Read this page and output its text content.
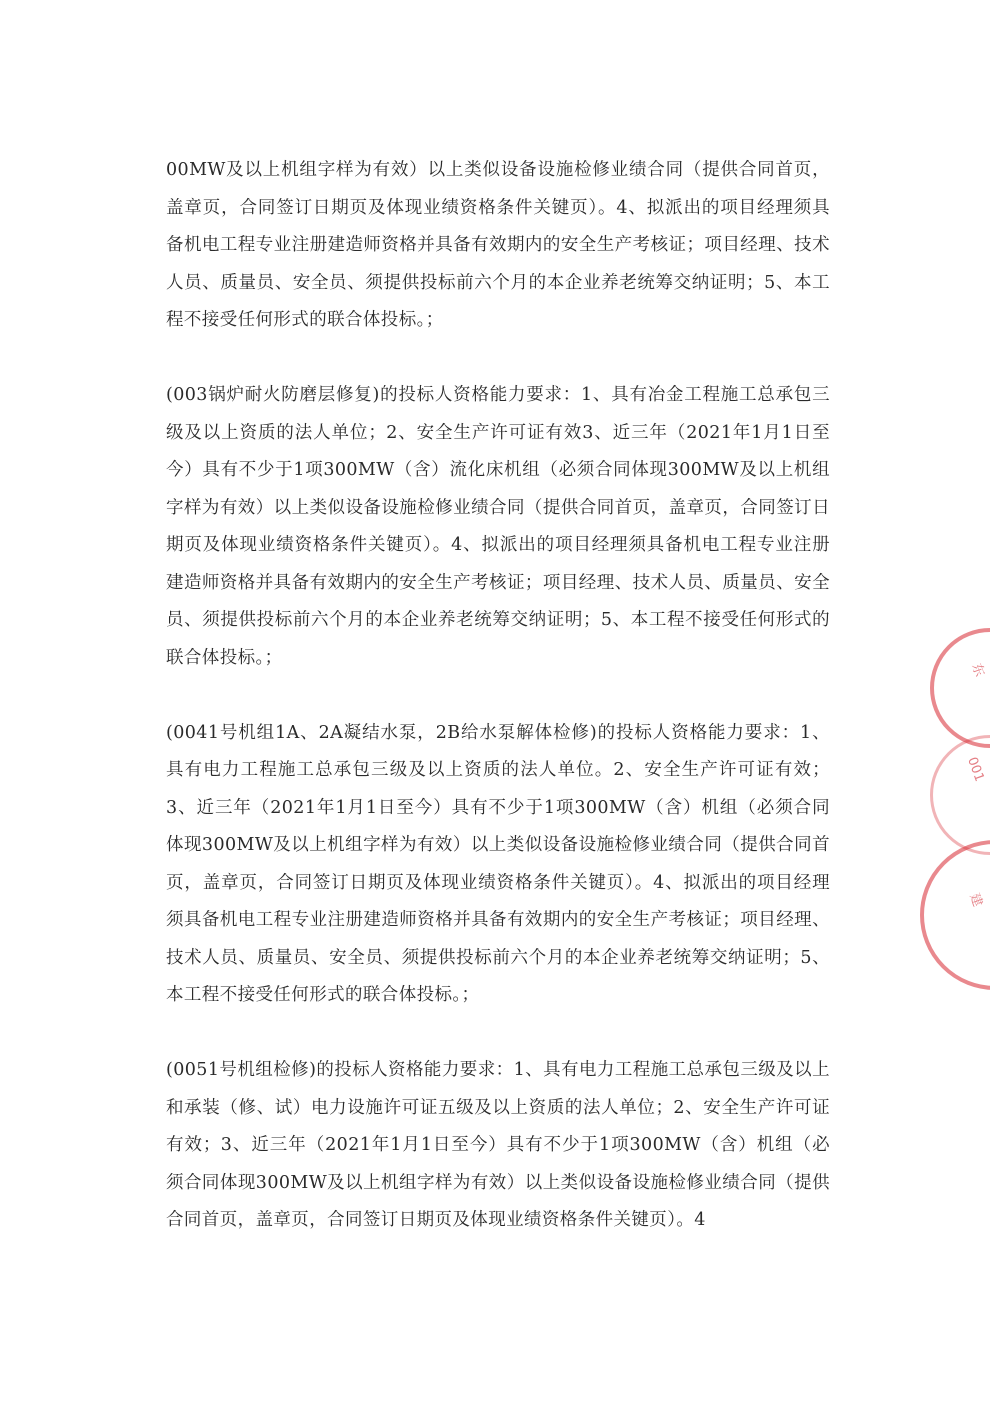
00MW及以上机组字样为有效）以上类似设备设施检修业绩合同（提供合同首页，盖章页，合同签订日期页及体现业绩资格条件关键页）。4、拟派出的项目经理须具备机电工程专业注册建造师资格并具备有效期内的安全生产考核证；项目经理、技术人员、质量员、安全员、须提供投标前六个月的本企业养老统筹交纳证明；5、本工程不接受任何形式的联合体投标。；

(003锅炉耐火防磨层修复)的投标人资格能力要求：1、具有冶金工程施工总承包三级及以上资质的法人单位；2、安全生产许可证有效3、近三年（2021年1月1日至今）具有不少于1项300MW（含）流化床机组（必须合同体现300MW及以上机组字样为有效）以上类似设备设施检修业绩合同（提供合同首页，盖章页，合同签订日期页及体现业绩资格条件关键页）。4、拟派出的项目经理须具备机电工程专业注册建造师资格并具备有效期内的安全生产考核证；项目经理、技术人员、质量员、安全员、须提供投标前六个月的本企业养老统筹交纳证明；5、本工程不接受任何形式的联合体投标。；

(0041号机组1A、2A凝结水泵，2B给水泵解体检修)的投标人资格能力要求：1、具有电力工程施工总承包三级及以上资质的法人单位。2、安全生产许可证有效；3、近三年（2021年1月1日至今）具有不少于1项300MW（含）机组（必须合同体现300MW及以上机组字样为有效）以上类似设备设施检修业绩合同（提供合同首页，盖章页，合同签订日期页及体现业绩资格条件关键页）。4、拟派出的项目经理须具备机电工程专业注册建造师资格并具备有效期内的安全生产考核证；项目经理、技术人员、质量员、安全员、须提供投标前六个月的本企业养老统筹交纳证明；5、本工程不接受任何形式的联合体投标。；

(0051号机组检修)的投标人资格能力要求：1、具有电力工程施工总承包三级及以上和承装（修、试）电力设施许可证五级及以上资质的法人单位；2、安全生产许可证有效；3、近三年（2021年1月1日至今）具有不少于1项300MW（含）机组（必须合同体现300MW及以上机组字样为有效）以上类似设备设施检修业绩合同（提供合同首页，盖章页，合同签订日期页及体现业绩资格条件关键页）。4

东
001
建
